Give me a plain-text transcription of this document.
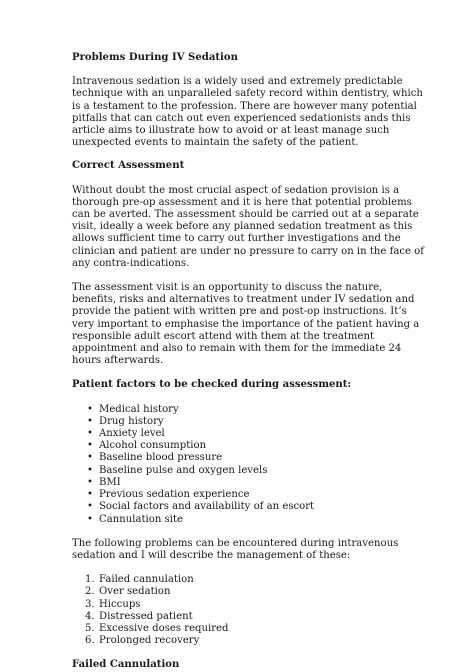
Problems During IV Sedation

Intravenous sedation is a widely used and extremely predictable technique with an unparalleled safety record within dentistry, which is a testament to the profession. There are however many potential pitfalls that can catch out even experienced sedationists ands this article aims to illustrate how to avoid or at least manage such unexpected events to maintain the safety of the patient.

Correct Assessment

Without doubt the most crucial aspect of sedation provision is a thorough pre-op assessment and it is here that potential problems can be averted. The assessment should be carried out at a separate visit, ideally a week before any planned sedation treatment as this allows sufficient time to carry out further investigations and the clinician and patient are under no pressure to carry on in the face of any contra-indications.

The assessment visit is an opportunity to discuss the nature, benefits, risks and alternatives to treatment under IV sedation and provide the patient with written pre and post-op instructions. It’s very important to emphasise the importance of the patient having a responsible adult escort attend with them at the treatment appointment and also to remain with them for the immediate 24 hours afterwards.

Patient factors to be checked during assessment:
• Medical history
• Drug history
• Anxiety level
• Alcohol consumption
• Baseline blood pressure
• Baseline pulse and oxygen levels
• BMI
• Previous sedation experience
• Social factors and availability of an escort
• Cannulation site

The following problems can be encountered during intravenous sedation and I will describe the management of these:

1. Failed cannulation
2. Over sedation
3. Hiccups
4. Distressed patient
5. Excessive doses required
6. Prolonged recovery
Failed Cannulation
